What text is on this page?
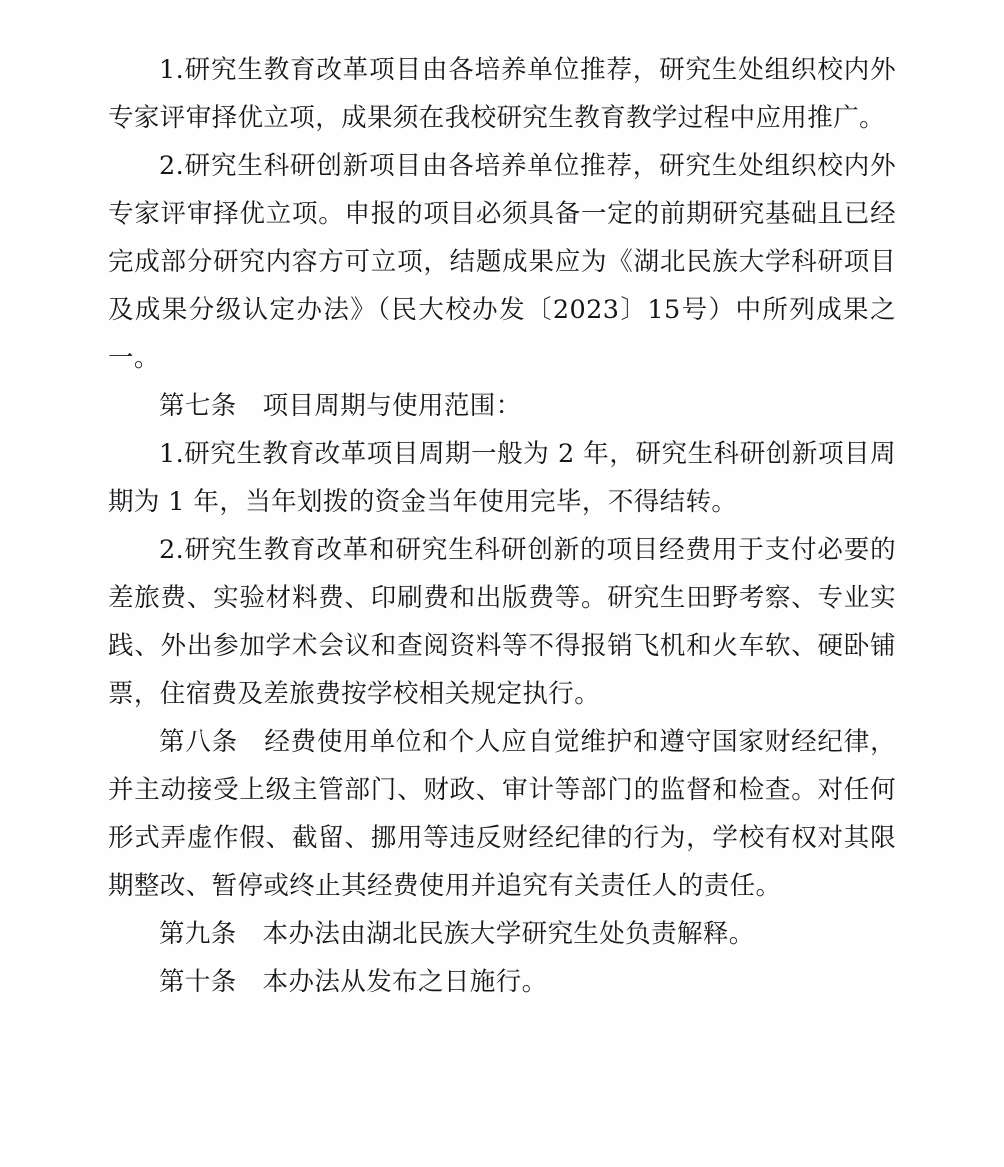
1.研究生教育改革项目由各培养单位推荐，研究生处组织校内外专家评审择优立项，成果须在我校研究生教育教学过程中应用推广。

2.研究生科研创新项目由各培养单位推荐，研究生处组织校内外专家评审择优立项。申报的项目必须具备一定的前期研究基础且已经完成部分研究内容方可立项，结题成果应为《湖北民族大学科研项目及成果分级认定办法》（民大校办发〔2023〕15号）中所列成果之一。

第七条　项目周期与使用范围：

1.研究生教育改革项目周期一般为 2 年，研究生科研创新项目周期为 1 年，当年划拨的资金当年使用完毕，不得结转。

2.研究生教育改革和研究生科研创新的项目经费用于支付必要的差旅费、实验材料费、印刷费和出版费等。研究生田野考察、专业实践、外出参加学术会议和查阅资料等不得报销飞机和火车软、硬卧铺票，住宿费及差旅费按学校相关规定执行。

第八条　经费使用单位和个人应自觉维护和遵守国家财经纪律，并主动接受上级主管部门、财政、审计等部门的监督和检查。对任何形式弄虚作假、截留、挪用等违反财经纪律的行为，学校有权对其限期整改、暂停或终止其经费使用并追究有关责任人的责任。

第九条　本办法由湖北民族大学研究生处负责解释。

第十条　本办法从发布之日施行。
